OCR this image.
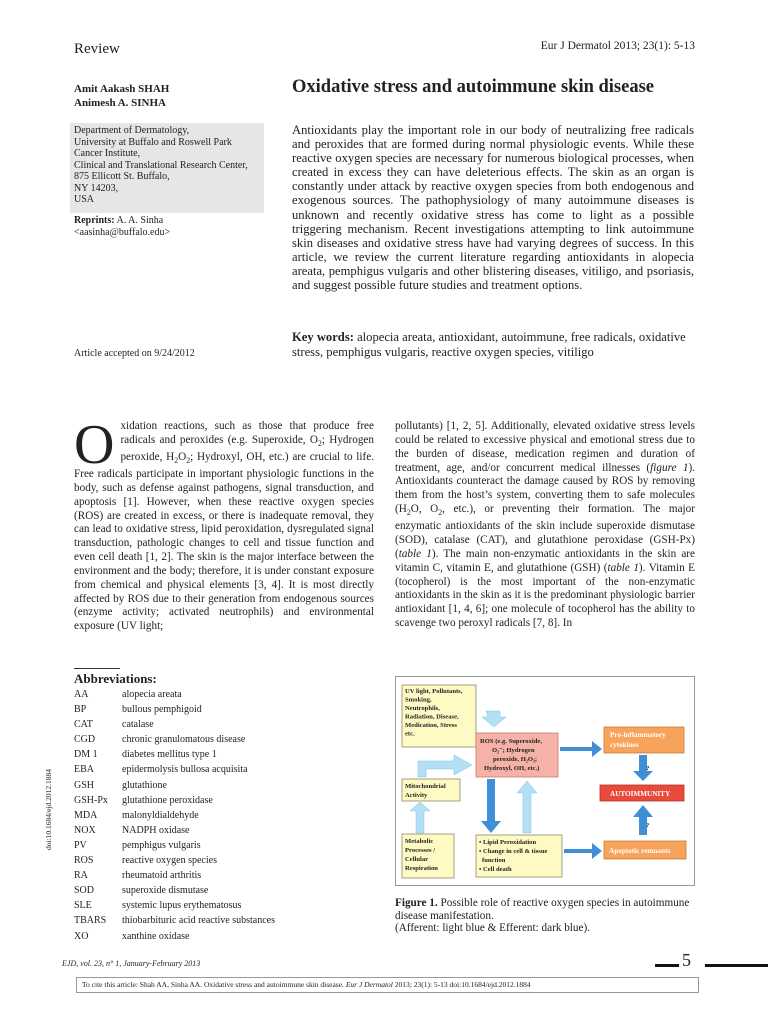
Review	Eur J Dermatol 2013; 23(1): 5-13
Amit Aakash SHAH
Animesh A. SINHA
Department of Dermatology,
University at Buffalo and Roswell Park
Cancer Institute,
Clinical and Translational Research Center,
875 Ellicott St. Buffalo,
NY 14203,
USA
Reprints: A. A. Sinha
<aasinha@buffalo.edu>
Article accepted on 9/24/2012
Oxidative stress and autoimmune skin disease
Antioxidants play the important role in our body of neutralizing free radicals and peroxides that are formed during normal physiologic events. While these reactive oxygen species are necessary for numerous biological processes, when created in excess they can have deleterious effects. The skin as an organ is constantly under attack by reactive oxygen species from both endogenous and exogenous sources. The pathophysiology of many autoimmune diseases is unknown and recently oxidative stress has come to light as a possible triggering mechanism. Recent investigations attempting to link autoimmune skin diseases and oxidative stress have had varying degrees of success. In this article, we review the current literature regarding antioxidants in alopecia areata, pemphigus vulgaris and other blistering diseases, vitiligo, and psoriasis, and suggest possible future studies and treatment options.
Key words: alopecia areata, antioxidant, autoimmune, free radicals, oxidative stress, pemphigus vulgaris, reactive oxygen species, vitiligo
Oxidation reactions, such as those that produce free radicals and peroxides (e.g. Superoxide, $O_2$; Hydrogen peroxide, $H_2O_2$; Hydroxyl, OH, etc.) are crucial to life. Free radicals participate in important physiologic functions in the body, such as defense against pathogens, signal transduction, and apoptosis [1]. However, when these reactive oxygen species (ROS) are created in excess, or there is inadequate removal, they can lead to oxidative stress, lipid peroxidation, dysregulated signal transduction, pathologic changes to cell and tissue function and even cell death [1, 2]. The skin is the major interface between the environment and the body; therefore, it is under constant exposure from chemical and physical elements [3, 4]. It is most directly affected by ROS due to their generation from endogenous sources (enzyme activity; activated neutrophils) and environmental exposure (UV light;
pollutants) [1, 2, 5]. Additionally, elevated oxidative stress levels could be related to excessive physical and emotional stress due to the burden of disease, medication regimen and duration of treatment, age, and/or concurrent medical illnesses (figure 1). Antioxidants counteract the damage caused by ROS by removing them from the host’s system, converting them to safe molecules ($H_2O$, $O_2$, etc.), or preventing their formation. The major enzymatic antioxidants of the skin include superoxide dismutase (SOD), catalase (CAT), and glutathione peroxidase (GSH-Px) (table 1). The main non-enzymatic antioxidants in the skin are vitamin C, vitamin E, and glutathione (GSH) (table 1). Vitamin E (tocopherol) is the most important of the non-enzymatic antioxidants in the skin as it is the predominant physiologic barrier antioxidant [1, 4, 6]; one molecule of tocopherol has the ability to scavenge two peroxyl radicals [7, 8]. In
Abbreviations:
AA	alopecia areata
BP	bullous pemphigoid
CAT	catalase
CGD	chronic granulomatous disease
DM 1	diabetes mellitus type 1
EBA	epidermolysis bullosa acquisita
GSH	glutathione
GSH-Px	glutathione peroxidase
MDA	malonyldialdehyde
NOX	NADPH oxidase
PV	pemphigus vulgaris
ROS	reactive oxygen species
RA	rheumatoid arthritis
SOD	superoxide dismutase
SLE	systemic lupus erythematosus
TBARS	thiobarbituric acid reactive substances
XO	xanthine oxidase
doi:10.1684/ejd.2012.1884
UV light, Pollutants, Smoking, Neutrophils, Radiation, Disease, Medication, Stress etc.
ROS (e.g. Superoxide, O₂⁻; Hydrogen peroxide, H₂O₂; Hydroxyl, OH, etc.)
Mitochondrial Activity
Metabolic Processes / Cellular Respiration
• Lipid Peroxidation • Change in cell & tissue function • Cell death
Pro-inflammatory cytokines
?
AUTOIMMUNITY
?
Apoptotic remnants
Figure 1. Possible role of reactive oxygen species in autoimmune disease manifestation.
(Afferent: light blue & Efferent: dark blue).
EJD, vol. 23, n° 1, January-February 2013	5
To cite this article: Shah AA, Sinha AA. Oxidative stress and autoimmune skin disease. Eur J Dermatol 2013; 23(1): 5-13 doi:10.1684/ejd.2012.1884
